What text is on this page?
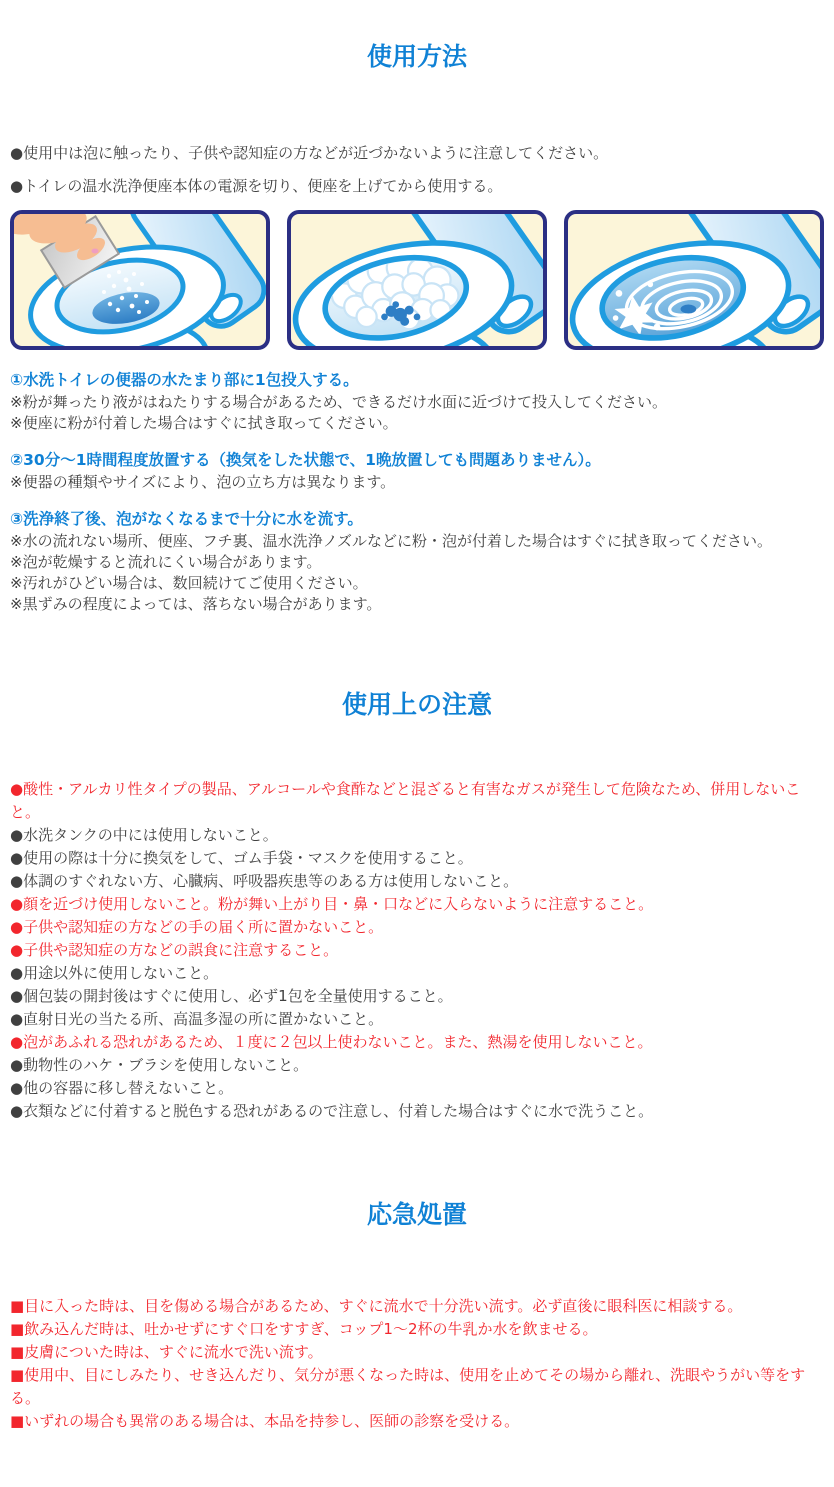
使用方法

●使用中は泡に触ったり、子供や認知症の方などが近づかないように注意してください。

●トイレの温水洗浄便座本体の電源を切り、便座を上げてから使用する。

①水洗トイレの便器の水たまり部に1包投入する。

※粉が舞ったり液がはねたりする場合があるため、できるだけ水面に近づけて投入してください。

※便座に粉が付着した場合はすぐに拭き取ってください。

②30分～1時間程度放置する（換気をした状態で、1晩放置しても問題ありません）。

※便器の種類やサイズにより、泡の立ち方は異なります。

③洗浄終了後、泡がなくなるまで十分に水を流す。

※水の流れない場所、便座、フチ裏、温水洗浄ノズルなどに粉・泡が付着した場合はすぐに拭き取ってください。

※泡が乾燥すると流れにくい場合があります。

※汚れがひどい場合は、数回続けてご使用ください。

※黒ずみの程度によっては、落ちない場合があります。

使用上の注意
●酸性・アルカリ性タイプの製品、アルコールや食酢などと混ざると有害なガスが発生して危険なため、併用しないこと。
●水洗タンクの中には使用しないこと。
●使用の際は十分に換気をして、ゴム手袋・マスクを使用すること。
●体調のすぐれない方、心臓病、呼吸器疾患等のある方は使用しないこと。
●顔を近づけ使用しないこと。粉が舞い上がり目・鼻・口などに入らないように注意すること。
●子供や認知症の方などの手の届く所に置かないこと。
●子供や認知症の方などの誤食に注意すること。
●用途以外に使用しないこと。
●個包装の開封後はすぐに使用し、必ず1包を全量使用すること。
●直射日光の当たる所、高温多湿の所に置かないこと。
●泡があふれる恐れがあるため、１度に２包以上使わないこと。また、熱湯を使用しないこと。
●動物性のハケ・ブラシを使用しないこと。
●他の容器に移し替えないこと。
●衣類などに付着すると脱色する恐れがあるので注意し、付着した場合はすぐに水で洗うこと。
応急処置
■目に入った時は、目を傷める場合があるため、すぐに流水で十分洗い流す。必ず直後に眼科医に相談する。
■飲み込んだ時は、吐かせずにすぐ口をすすぎ、コップ1～2杯の牛乳か水を飲ませる。
■皮膚についた時は、すぐに流水で洗い流す。
■使用中、目にしみたり、せき込んだり、気分が悪くなった時は、使用を止めてその場から離れ、洗眼やうがい等をする。
■いずれの場合も異常のある場合は、本品を持参し、医師の診察を受ける。
